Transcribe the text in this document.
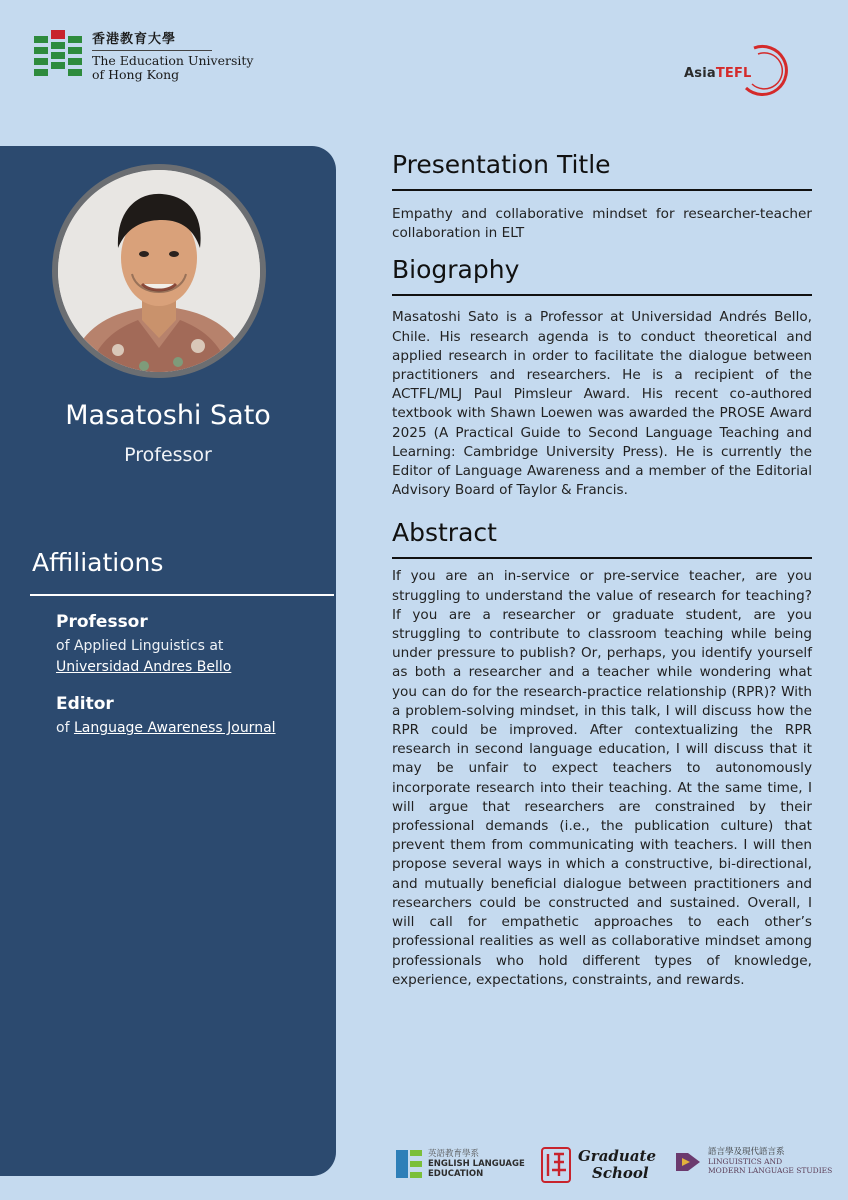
香港教育大學
The Education University
of Hong Kong	AsiaTEFL
Masatoshi Sato
Professor
Affiliations
Professor
of Applied Linguistics at
Universidad Andres Bello
Editor
of Language Awareness Journal
Presentation Title

Empathy and collaborative mindset for researcher-teacher collaboration in ELT

Biography

Masatoshi Sato is a Professor at Universidad Andrés Bello, Chile. His research agenda is to conduct theoretical and applied research in order to facilitate the dialogue between practitioners and researchers. He is a recipient of the ACTFL/MLJ Paul Pimsleur Award. His recent co-authored textbook with Shawn Loewen was awarded the PROSE Award 2025 (A Practical Guide to Second Language Teaching and Learning: Cambridge University Press). He is currently the Editor of Language Awareness and a member of the Editorial Advisory Board of Taylor & Francis.

Abstract

If you are an in-service or pre-service teacher, are you struggling to understand the value of research for teaching? If you are a researcher or graduate student, are you struggling to contribute to classroom teaching while being under pressure to publish? Or, perhaps, you identify yourself as both a researcher and a teacher while wondering what you can do for the research-practice relationship (RPR)? With a problem-solving mindset, in this talk, I will discuss how the RPR could be improved. After contextualizing the RPR research in second language education, I will discuss that it may be unfair to expect teachers to autonomously incorporate research into their teaching. At the same time, I will argue that researchers are constrained by their professional demands (i.e., the publication culture) that prevent them from communicating with teachers. I will then propose several ways in which a constructive, bi-directional, and mutually beneficial dialogue between practitioners and researchers could be constructed and sustained. Overall, I will call for empathetic approaches to each other’s professional realities as well as collaborative mindset among professionals who hold different types of knowledge, experience, expectations, constraints, and rewards.

英語教育學系
ENGLISH LANGUAGE
EDUCATION
Graduate
School
語言學及現代語言系
LINGUISTICS AND
MODERN LANGUAGE STUDIES
